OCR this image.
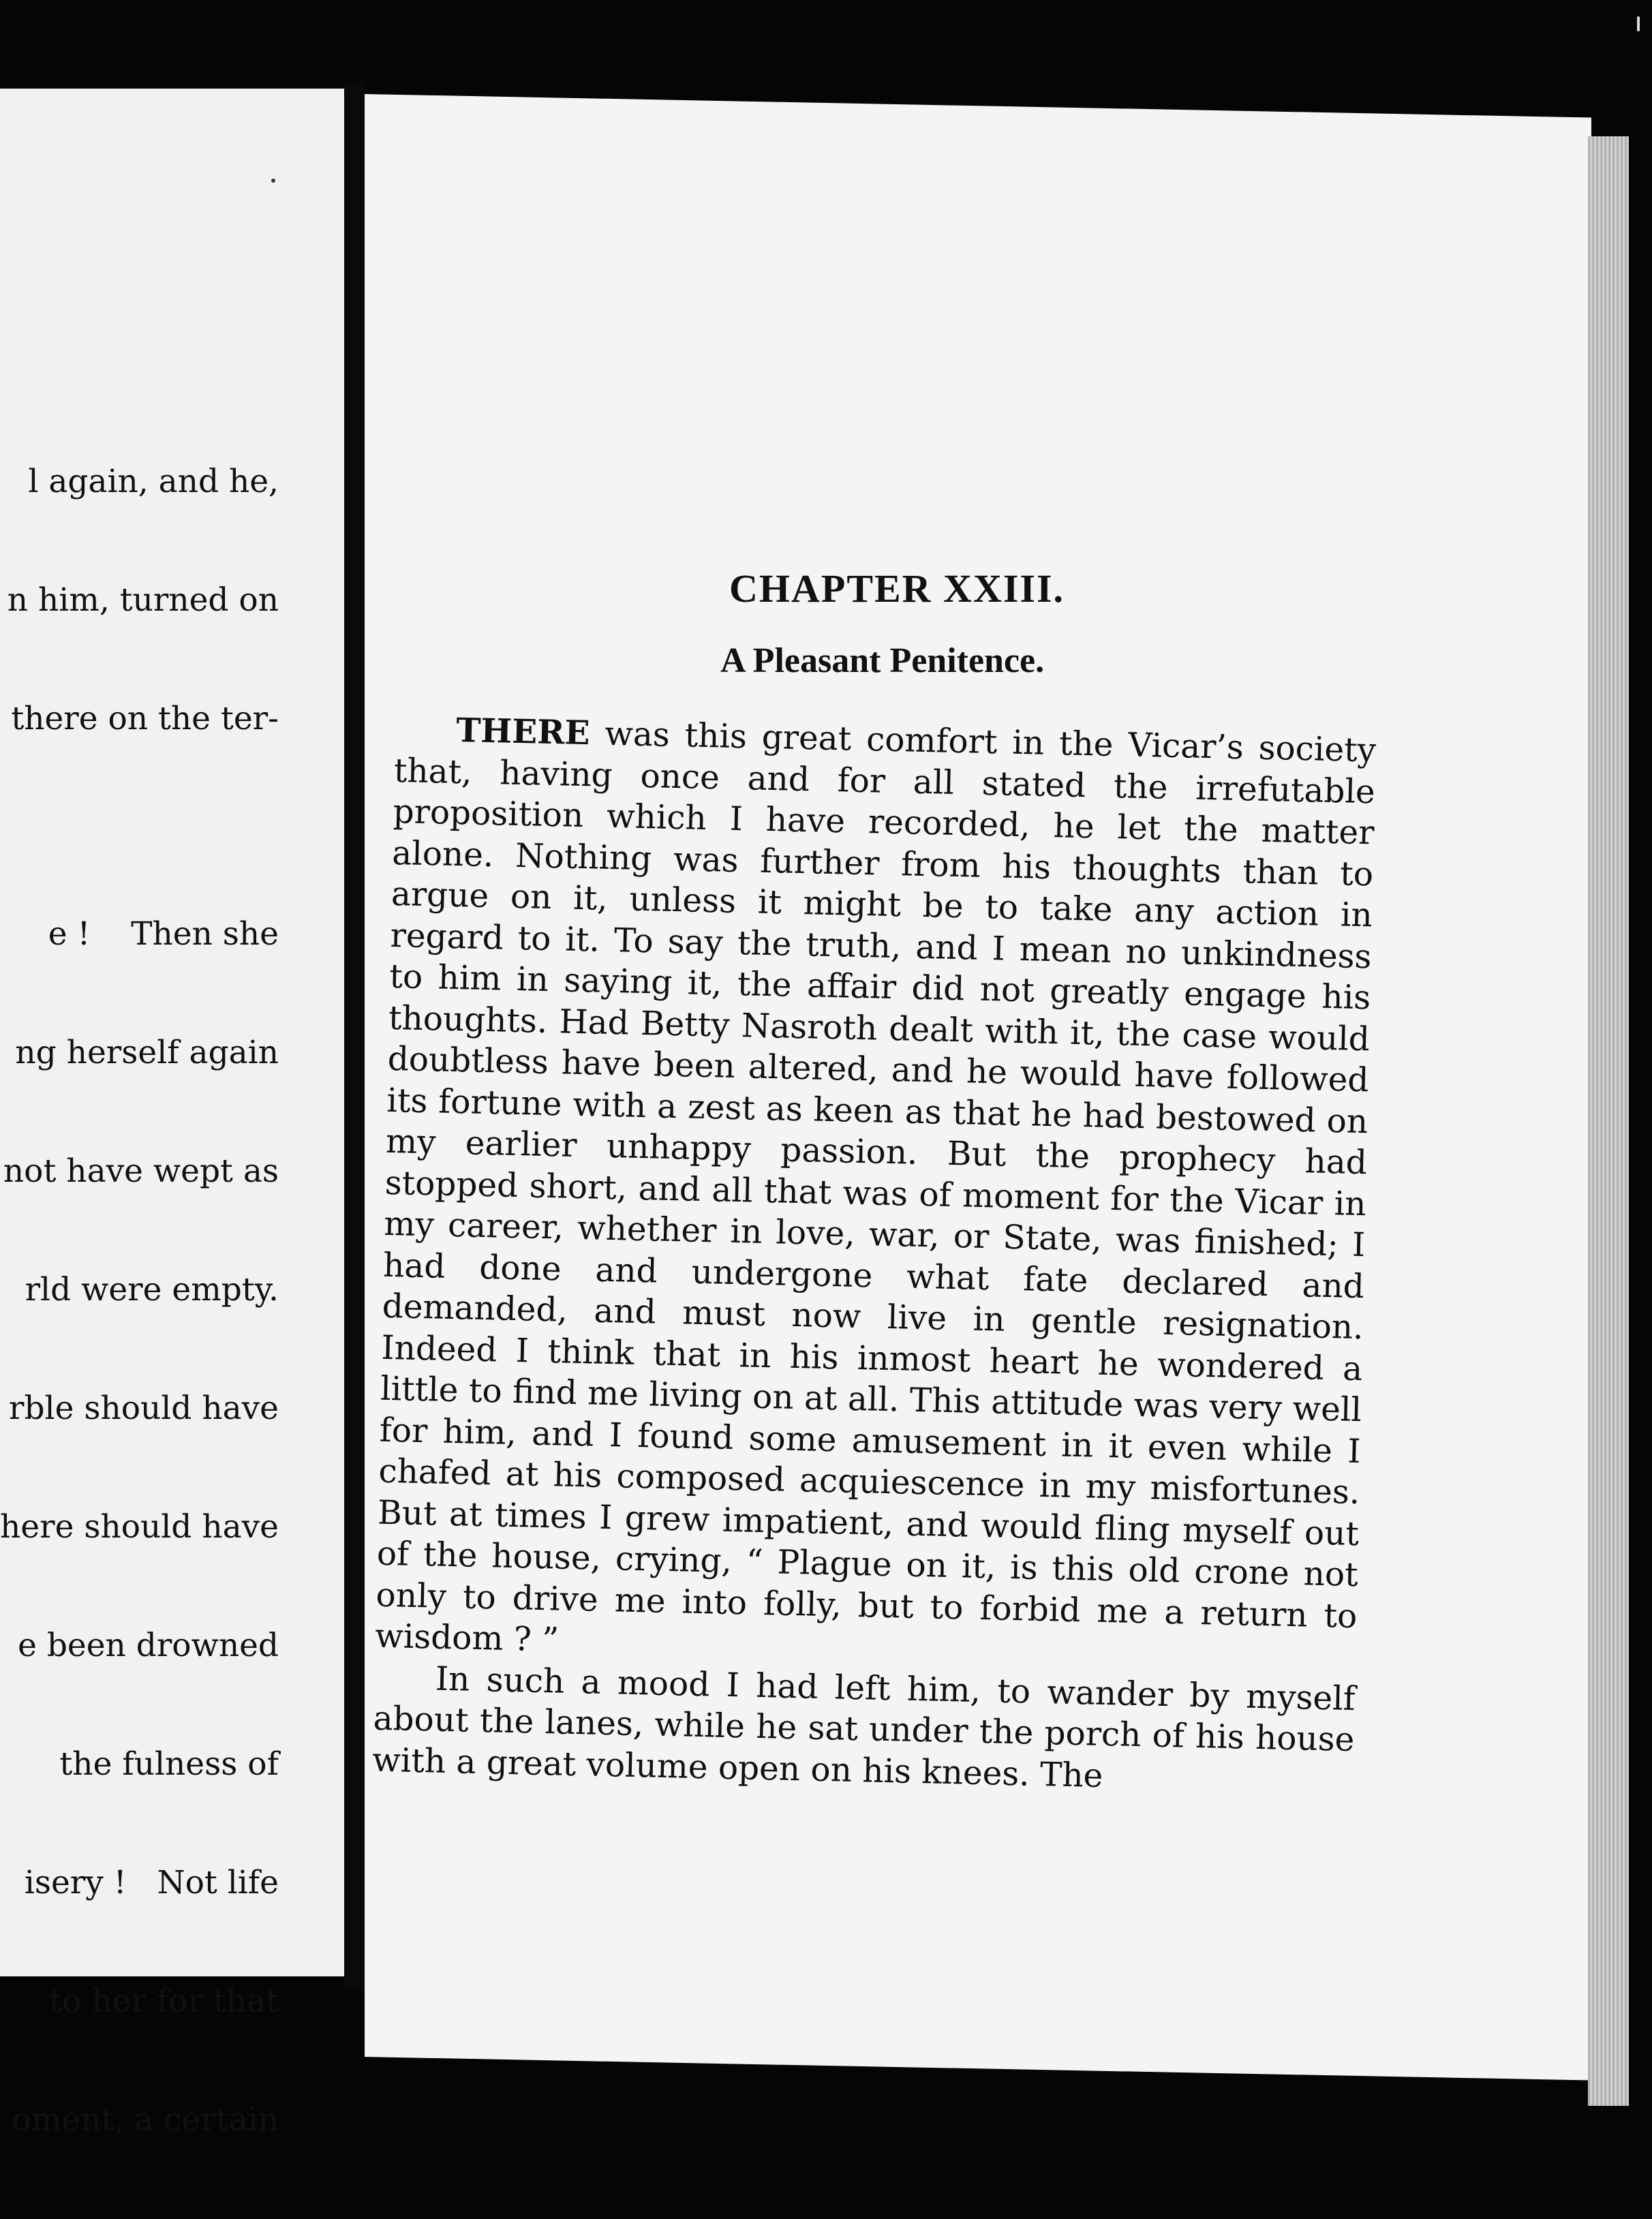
l again, and he,

n him, turned on

there on the ter-

e !    Then she

ng herself again

not have wept as

rld were empty.

rble should have

here should have

e been drowned

the fulness of

isery !   Not life

to her for that

oment, a certain

CHAPTER XXIII.
A Pleasant Penitence.

THERE was this great comfort in the Vicar’s society that, having once and for all stated the irrefutable proposition which I have recorded, he let the matter alone. Nothing was further from his thoughts than to argue on it, unless it might be to take any action in regard to it. To say the truth, and I mean no unkindness to him in saying it, the affair did not greatly engage his thoughts. Had Betty Nasroth dealt with it, the case would doubtless have been altered, and he would have followed its fortune with a zest as keen as that he had bestowed on my earlier unhappy passion. But the prophecy had stopped short, and all that was of moment for the Vicar in my career, whether in love, war, or State, was finished; I had done and undergone what fate declared and demanded, and must now live in gentle resignation. Indeed I think that in his inmost heart he wondered a little to find me living on at all. This attitude was very well for him, and I found some amusement in it even while I chafed at his composed acquiescence in my misfortunes. But at times I grew impatient, and would fling myself out of the house, crying, “ Plague on it, is this old crone not only to drive me into folly, but to forbid me a return to wisdom ? ”

In such a mood I had left him, to wander by myself about the lanes, while he sat under the porch of his house with a great volume open on his knees. The
